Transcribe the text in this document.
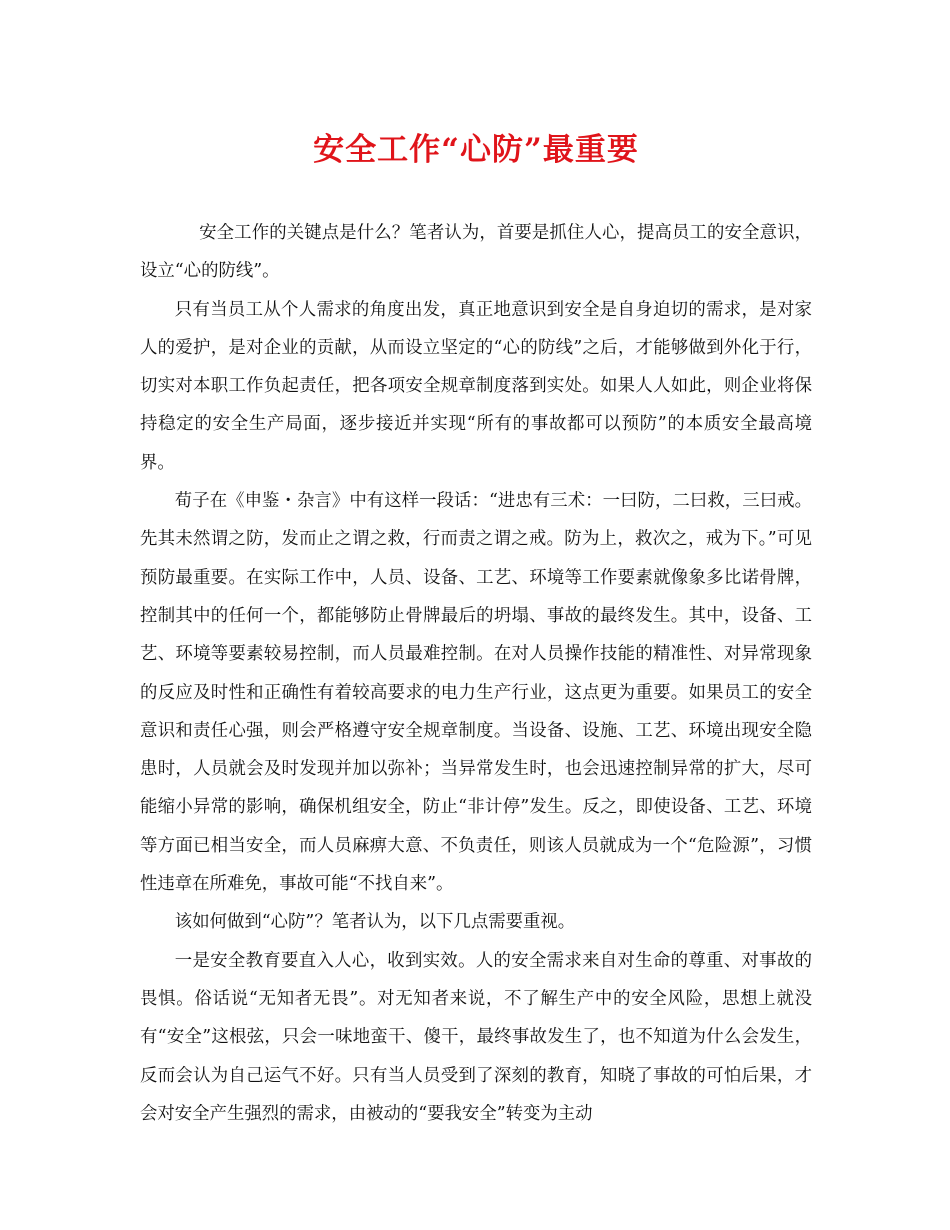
安全工作“心防”最重要

安全工作的关键点是什么？笔者认为，首要是抓住人心，提高员工的安全意识，设立“心的防线”。

只有当员工从个人需求的角度出发，真正地意识到安全是自身迫切的需求，是对家人的爱护，是对企业的贡献，从而设立坚定的“心的防线”之后，才能够做到外化于行，切实对本职工作负起责任，把各项安全规章制度落到实处。如果人人如此，则企业将保持稳定的安全生产局面，逐步接近并实现“所有的事故都可以预防”的本质安全最高境界。

荀子在《申鉴・杂言》中有这样一段话：“进忠有三术：一曰防，二曰救，三曰戒。先其未然谓之防，发而止之谓之救，行而责之谓之戒。防为上，救次之，戒为下。”可见预防最重要。在实际工作中，人员、设备、工艺、环境等工作要素就像象多比诺骨牌，控制其中的任何一个，都能够防止骨牌最后的坍塌、事故的最终发生。其中，设备、工艺、环境等要素较易控制，而人员最难控制。在对人员操作技能的精准性、对异常现象的反应及时性和正确性有着较高要求的电力生产行业，这点更为重要。如果员工的安全意识和责任心强，则会严格遵守安全规章制度。当设备、设施、工艺、环境出现安全隐患时，人员就会及时发现并加以弥补；当异常发生时，也会迅速控制异常的扩大，尽可能缩小异常的影响，确保机组安全，防止“非计停”发生。反之，即使设备、工艺、环境等方面已相当安全，而人员麻痹大意、不负责任，则该人员就成为一个“危险源”，习惯性违章在所难免，事故可能“不找自来”。

该如何做到“心防”？笔者认为，以下几点需要重视。

一是安全教育要直入人心，收到实效。人的安全需求来自对生命的尊重、对事故的畏惧。俗话说“无知者无畏”。对无知者来说，不了解生产中的安全风险，思想上就没有“安全”这根弦，只会一味地蛮干、傻干，最终事故发生了，也不知道为什么会发生，反而会认为自己运气不好。只有当人员受到了深刻的教育，知晓了事故的可怕后果，才会对安全产生强烈的需求，由被动的“要我安全”转变为主动
